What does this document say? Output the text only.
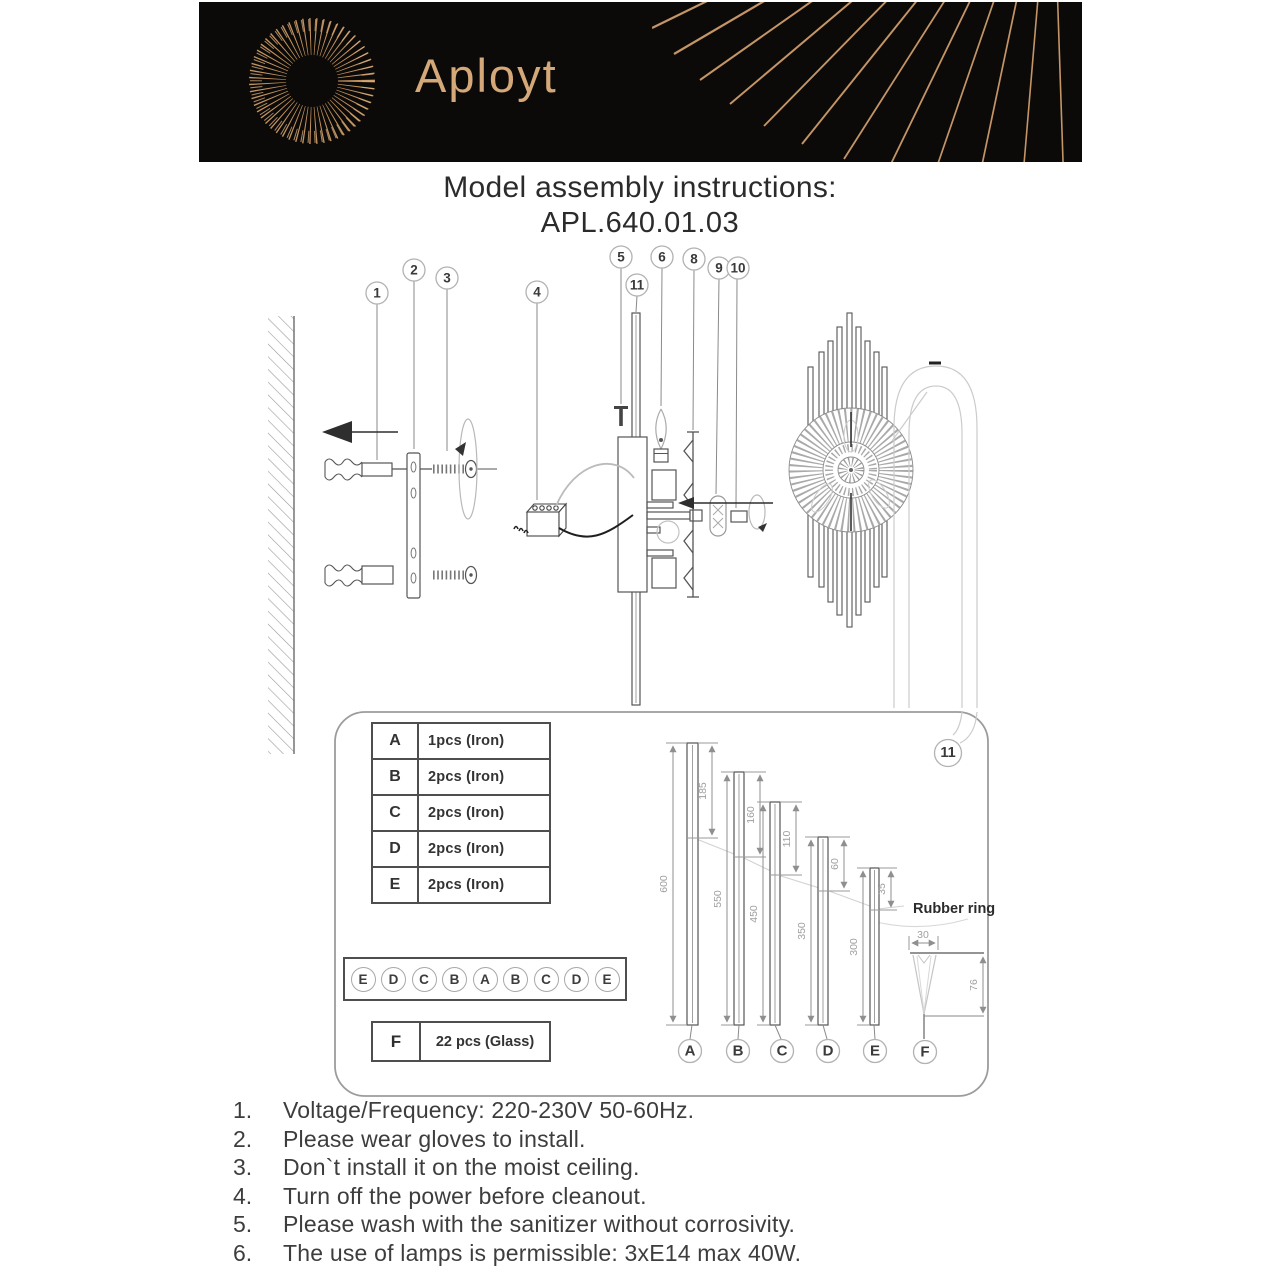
Aployt
Model assembly instructions:
APL.640.01.03
1
2
3
4
5 6 8
9 10
11
11
600
185
550
160
450
110
350
60
300
35
Rubber ring
30
76
A B C D E	F
A	1pcs (Iron)
B	2pcs (Iron)
C	2pcs (Iron)
D	2pcs (Iron)
E	2pcs (Iron)
E	D	C	B	A	B	C	D	E
F	22 pcs (Glass)
1.	Voltage/Frequency: 220-230V 50-60Hz.
2.	Please wear gloves to install.
3.	Don`t install it on the moist ceiling.
4.	Turn off the power before cleanout.
5.	Please wash with the sanitizer without corrosivity.
6.	The use of lamps is permissible: 3xE14 max 40W.
